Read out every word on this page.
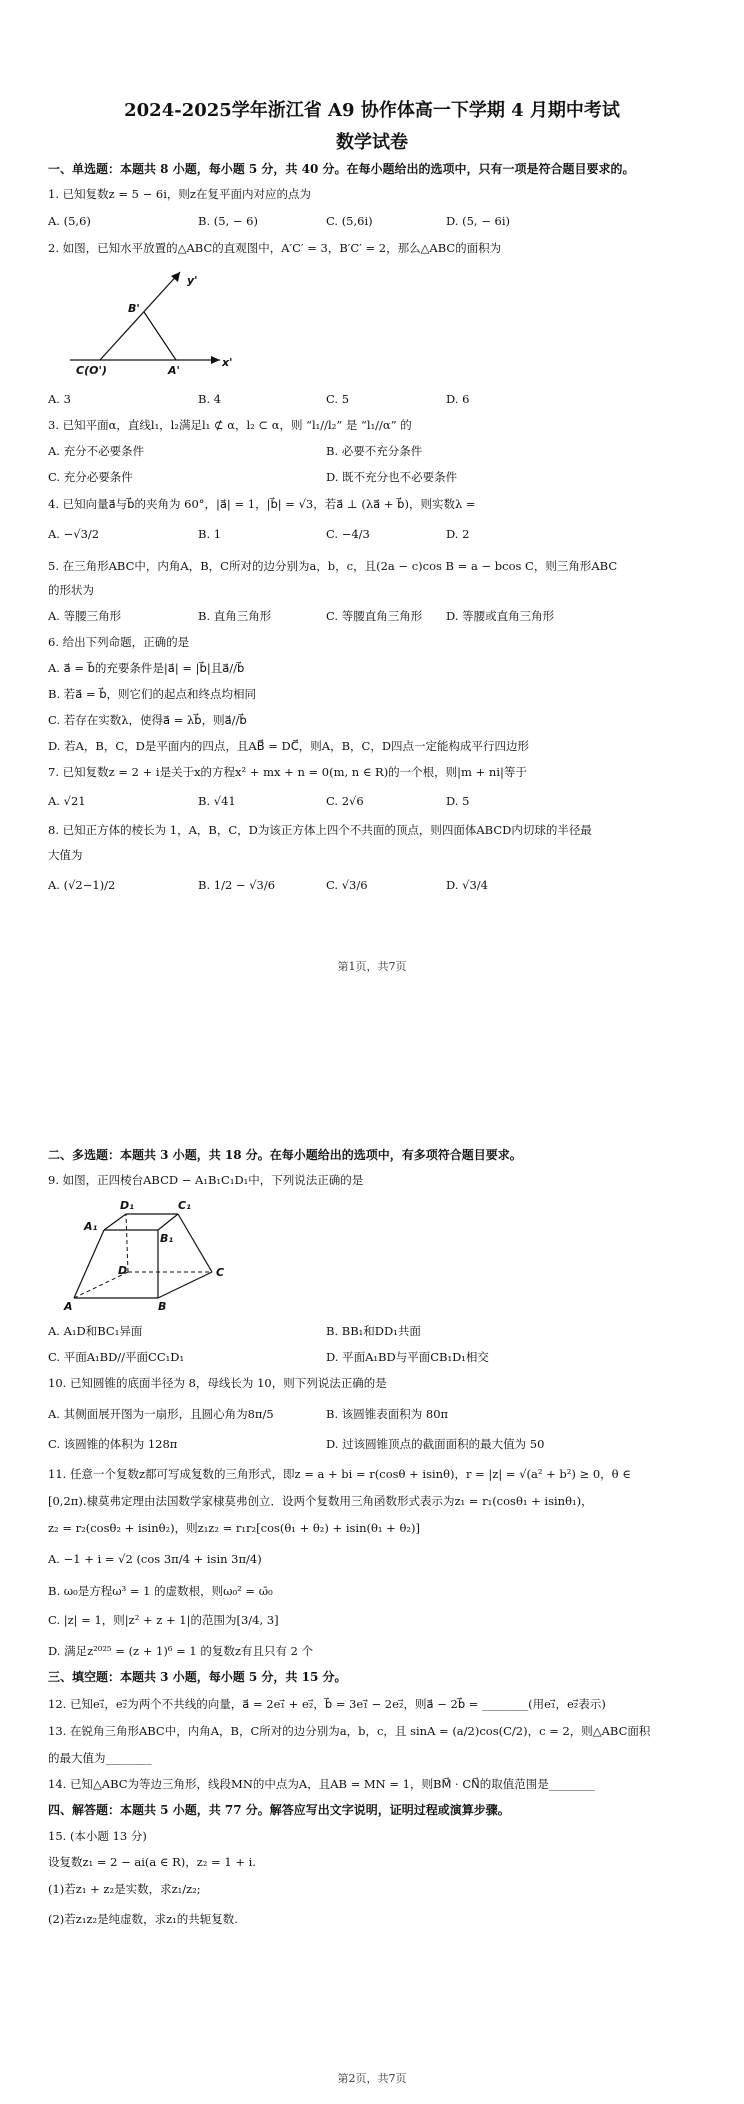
2024-2025学年浙江省 A9 协作体高一下学期 4 月期中考试
数学试卷
一、单选题：本题共 8 小题，每小题 5 分，共 40 分。在每小题给出的选项中，只有一项是符合题目要求的。
1. 已知复数z = 5 − 6i，则z在复平面内对应的点为
A. (5,6)	B. (5, − 6)	C. (5,6i)	D. (5, − 6i)
2. 如图，已知水平放置的△ABC的直观图中，A′C′ = 3，B′C′ = 2，那么△ABC的面积为
B'
y'
C(O')	A'
x'
A. 3	B. 4	C. 5	D. 6
3. 已知平面α，直线l₁，l₂满足l₁ ⊄ α，l₂ ⊂ α，则 “l₁//l₂” 是 “l₁//α” 的
A. 充分不必要条件	B. 必要不充分条件
C. 充分必要条件	D. 既不充分也不必要条件
4. 已知向量a⃗与b⃗的夹角为 60°，|a⃗| = 1，|b⃗| = √3，若a⃗ ⊥ (λa⃗ + b⃗)，则实数λ =
A. −√3/2	B. 1	C. −4/3	D. 2
5. 在三角形ABC中，内角A，B，C所对的边分别为a，b，c，且(2a − c)cos B = a − bcos C，则三角形ABC
的形状为
A. 等腰三角形	B. 直角三角形	C. 等腰直角三角形 D. 等腰或直角三角形
6. 给出下列命题，正确的是
A. a⃗ = b⃗的充要条件是|a⃗| = |b⃗|且a⃗//b⃗
B. 若a⃗ = b⃗，则它们的起点和终点均相同
C. 若存在实数λ，使得a⃗ = λb⃗，则a⃗//b⃗
D. 若A，B，C，D是平面内的四点，且AB⃗ = DC⃗，则A，B，C，D四点一定能构成平行四边形
7. 已知复数z = 2 + i是关于x的方程x² + mx + n = 0(m, n ∈ R)的一个根，则|m + ni|等于
A. √21	B. √41	C. 2√6	D. 5
8. 已知正方体的棱长为 1，A，B，C，D为该正方体上四个不共面的顶点，则四面体ABCD内切球的半径最
大值为
A. (√2−1)/2	B. 1/2 − √3/6	C. √3/6	D. √3/4
第1页，共7页
二、多选题：本题共 3 小题，共 18 分。在每小题给出的选项中，有多项符合题目要求。
9. 如图，正四棱台ABCD − A₁B₁C₁D₁中，下列说法正确的是
D₁	C₁
A₁
B₁
D	C
A	B
A. A₁D和BC₁异面	B. BB₁和DD₁共面
C. 平面A₁BD//平面CC₁D₁	D. 平面A₁BD与平面CB₁D₁相交
10. 已知圆锥的底面半径为 8，母线长为 10，则下列说法正确的是
A. 其侧面展开图为一扇形，且圆心角为8π/5	B. 该圆锥表面积为 80π
C. 该圆锥的体积为 128π	D. 过该圆锥顶点的截面面积的最大值为 50
11. 任意一个复数z都可写成复数的三角形式，即z = a + bi = r(cosθ + isinθ)，r = |z| = √(a² + b²) ≥ 0，θ ∈
[0,2π).棣莫弗定理由法国数学家棣莫弗创立．设两个复数用三角函数形式表示为z₁ = r₁(cosθ₁ + isinθ₁)，
z₂ = r₂(cosθ₂ + isinθ₂)，则z₁z₂ = r₁r₂[cos(θ₁ + θ₂) + isin(θ₁ + θ₂)]
A. −1 + i = √2 (cos 3π/4 + isin 3π/4)
B. ω₀是方程ω³ = 1 的虚数根，则ω₀² = ω̄₀
C. |z| = 1，则|z² + z + 1|的范围为[3/4, 3]
D. 满足z²⁰²⁵ = (z + 1)⁶ = 1 的复数z有且只有 2 个
三、填空题：本题共 3 小题，每小题 5 分，共 15 分。
12. 已知e₁⃗，e₂⃗为两个不共线的向量，a⃗ = 2e₁⃗ + e₂⃗，b⃗ = 3e₁⃗ − 2e₂⃗，则a⃗ − 2b⃗ = ________(用e₁⃗，e₂⃗表示)
13. 在锐角三角形ABC中，内角A，B，C所对的边分别为a，b，c，且 sinA = (a/2)cos(C/2)，c = 2，则△ABC面积
的最大值为________
14. 已知△ABC为等边三角形，线段MN的中点为A，且AB = MN = 1，则BM⃗ · CN⃗的取值范围是________
四、解答题：本题共 5 小题，共 77 分。解答应写出文字说明，证明过程或演算步骤。
15. (本小题 13 分)
设复数z₁ = 2 − ai(a ∈ R)，z₂ = 1 + i.
(1)若z₁ + z₂是实数，求z₁/z₂;
(2)若z₁z₂是纯虚数，求z₁的共轭复数.
第2页，共7页
